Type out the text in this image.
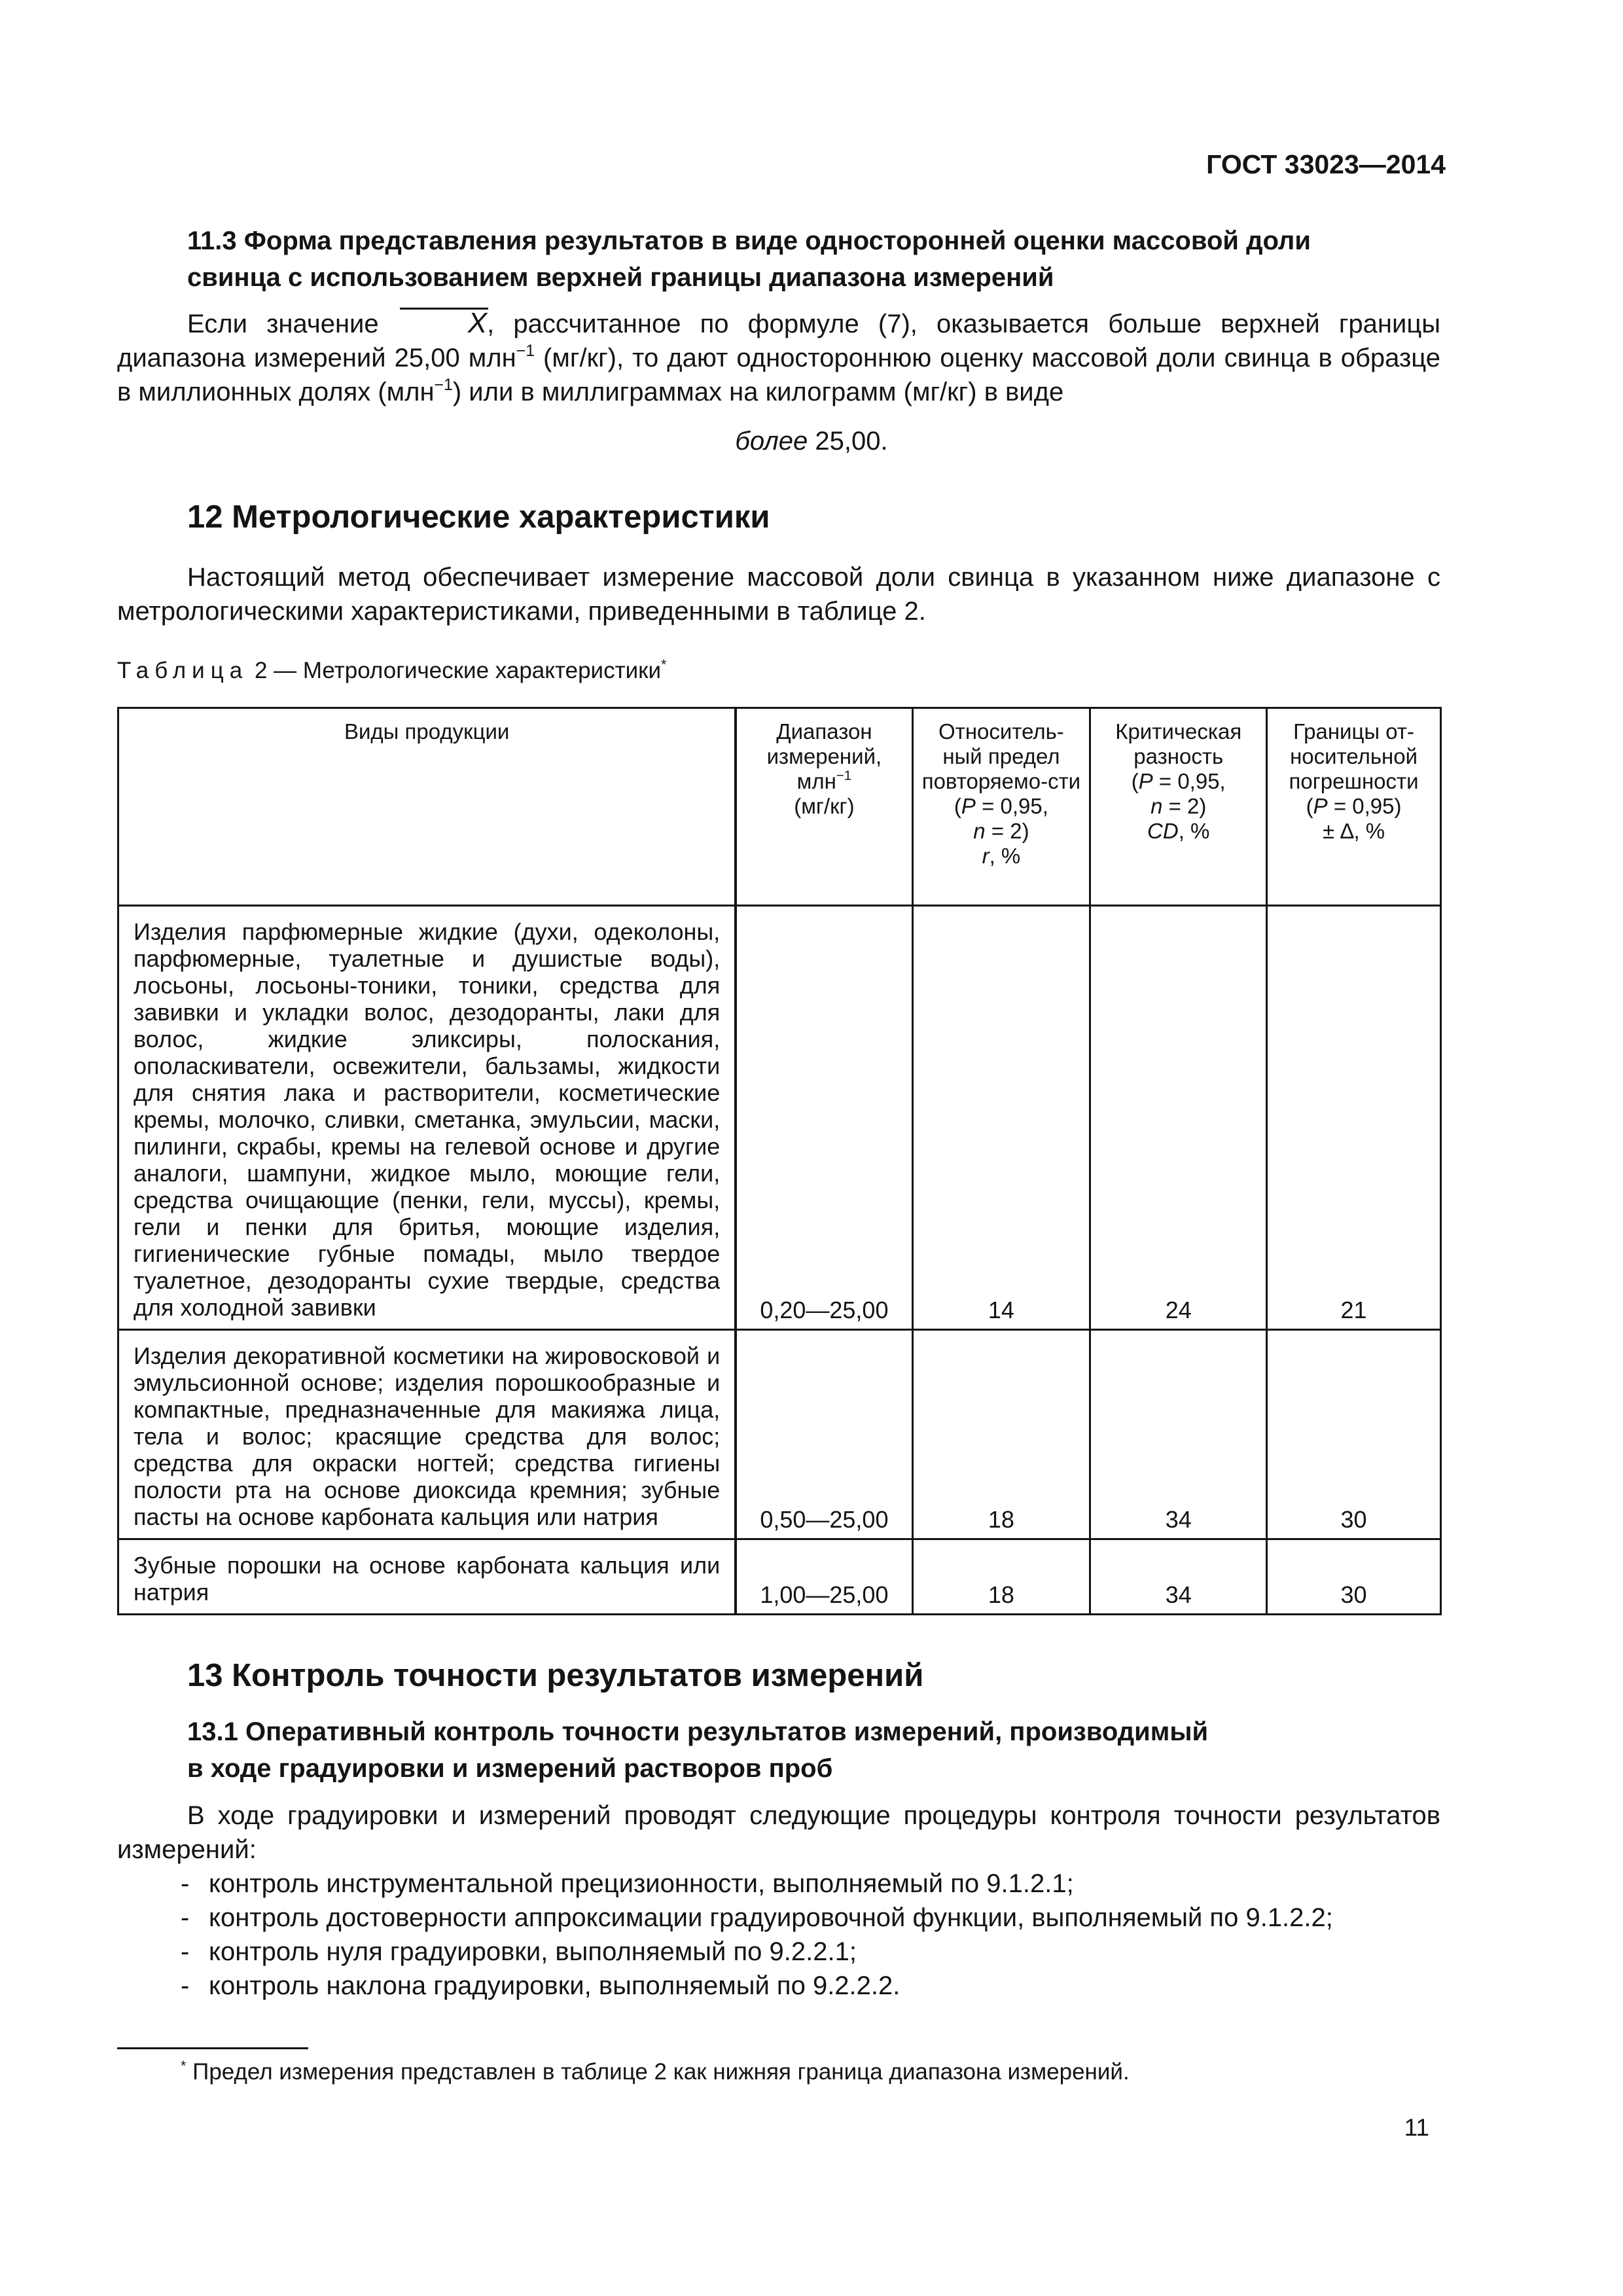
ГОСТ 33023—2014
11.3 Форма представления результатов в виде односторонней оценки массовой доли
свинца с использованием верхней границы диапазона измерений
Если значение X, рассчитанное по формуле (7), оказывается больше верхней границы диапазона измерений 25,00 млн$^{-1}$ (мг/кг), то дают одностороннюю оценку массовой доли свинца в образце в миллионных долях (млн$^{-1}$) или в миллиграммах на килограмм (мг/кг) в виде
более 25,00.
12 Метрологические характеристики
Настоящий метод обеспечивает измерение массовой доли свинца в указанном ниже диапазоне с метрологическими характеристиками, приведенными в таблице 2.
Таблица 2 — Метрологические характеристики*
Виды продукции	Диапазон измерений,
млн$^{-1}$
(мг/кг)	Относитель-ный предел повторяемо-сти
(P = 0,95,
n = 2)
r, %	Критическая разность
(P = 0,95,
n = 2)
CD, %	Границы от-носительной погрешности
(P = 0,95)
± ∆, %
Изделия парфюмерные жидкие (духи, одеколоны, парфюмерные, туалетные и душистые воды), лосьоны, лосьоны-тоники, тоники, средства для завивки и укладки волос, дезодоранты, лаки для волос, жидкие эликсиры, полоскания, ополаскиватели, освежители, бальзамы, жидкости для снятия лака и растворители, косметические кремы, молочко, сливки, сметанка, эмульсии, маски, пилинги, скрабы, кремы на гелевой основе и другие аналоги, шампуни, жидкое мыло, моющие гели, средства очищающие (пенки, гели, муссы), кремы, гели и пенки для бритья, моющие изделия, гигиенические губные помады, мыло твердое туалетное, дезодоранты сухие твердые, средства для холодной завивки	0,20—25,00	14	24	21
Изделия декоративной косметики на жировосковой и эмульсионной основе; изделия порошкообразные и компактные, предназначенные для макияжа лица, тела и волос; красящие средства для волос; средства для окраски ногтей; средства гигиены полости рта на основе диоксида кремния; зубные пасты на основе карбоната кальция или натрия	0,50—25,00	18	34	30
Зубные порошки на основе карбоната кальция или натрия	1,00—25,00	18	34	30
13 Контроль точности результатов измерений
13.1 Оперативный контроль точности результатов измерений, производимый
в ходе градуировки и измерений растворов проб
В ходе градуировки и измерений проводят следующие процедуры контроля точности результатов измерений:
- контроль инструментальной прецизионности, выполняемый по 9.1.2.1;
- контроль достоверности аппроксимации градуировочной функции, выполняемый по 9.1.2.2;
- контроль нуля градуировки, выполняемый по 9.2.2.1;
- контроль наклона градуировки, выполняемый по 9.2.2.2.
* Предел измерения представлен в таблице 2 как нижняя граница диапазона измерений.
11
